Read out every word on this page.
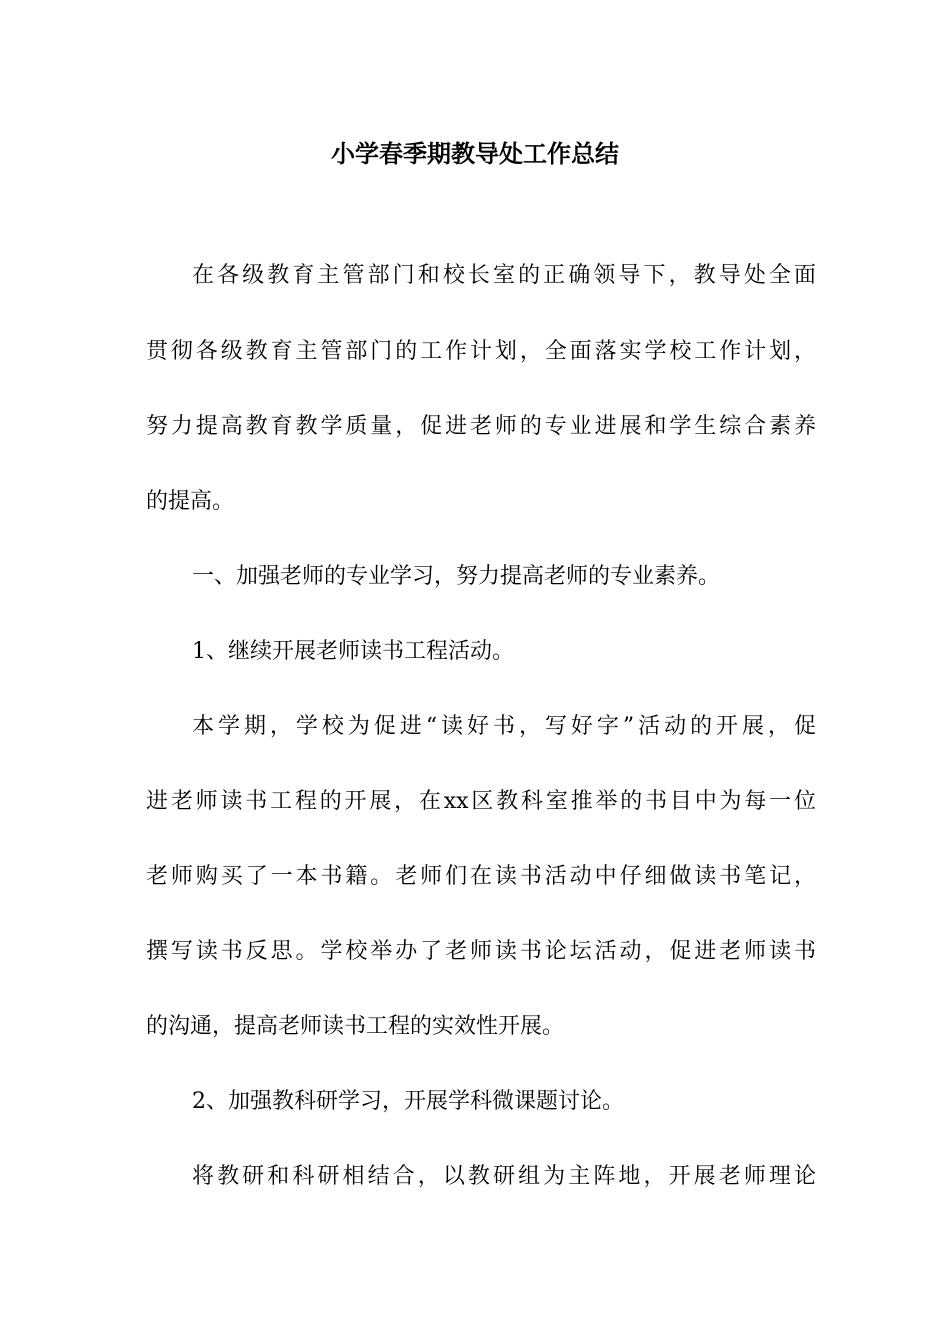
小学春季期教导处工作总结

在各级教育主管部门和校长室的正确领导下，教导处全面

贯彻各级教育主管部门的工作计划，全面落实学校工作计划，

努力提高教育教学质量，促进老师的专业进展和学生综合素养

的提高。

一、加强老师的专业学习，努力提高老师的专业素养。

1、继续开展老师读书工程活动。

本学期，学校为促进“读好书，写好字”活动的开展，促

进老师读书工程的开展，在xx区教科室推举的书目中为每一位

老师购买了一本书籍。老师们在读书活动中仔细做读书笔记，

撰写读书反思。学校举办了老师读书论坛活动，促进老师读书

的沟通，提高老师读书工程的实效性开展。

2、加强教科研学习，开展学科微课题讨论。

将教研和科研相结合，以教研组为主阵地，开展老师理论
